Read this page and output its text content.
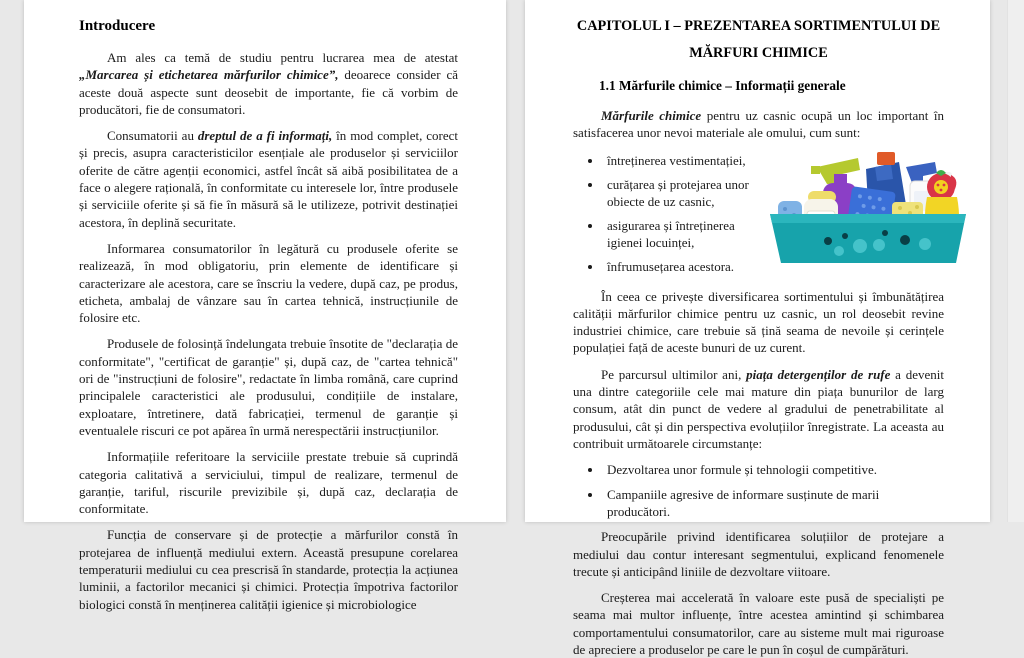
Introducere

Am ales ca temă de studiu pentru lucrarea mea de atestat „Marcarea și etichetarea mărfurilor chimice”, deoarece consider că aceste două aspecte sunt deosebit de importante, fie că vorbim de producători, fie de consumatori.

Consumatorii au dreptul de a fi informați, în mod complet, corect și precis, asupra caracteristicilor esențiale ale produselor și serviciilor oferite de către agenții economici, astfel încât să aibă posibilitatea de a face o alegere rațională, în conformitate cu interesele lor, între produsele și serviciile oferite și să fie în măsură să le utilizeze, potrivit destinației acestora, în deplină securitate.

Informarea consumatorilor în legătură cu produsele oferite se realizează, în mod obligatoriu, prin elemente de identificare și caracterizare ale acestora, care se înscriu la vedere, după caz, pe produs, eticheta, ambalaj de vânzare sau în cartea tehnică, instrucțiunile de folosire etc.

Produsele de folosință îndelungata trebuie însotite de "declarația de conformitate", "certificat de garanție" și, după caz, de "cartea tehnică" ori de "instrucțiuni de folosire", redactate în limba română, care cuprind principalele caracteristici ale produsului, condițiile de instalare, exploatare, întretinere, dată fabricației, termenul de garanție și eventualele riscuri ce pot apărea în urmă nerespectării instrucțiunilor.

Informațiile referitoare la serviciile prestate trebuie să cuprindă categoria calitativă a serviciului, timpul de realizare, termenul de garanție, tariful, riscurile previzibile și, după caz, declarația de conformitate.

Funcția de conservare și de protecție a mărfurilor constă în protejarea de influență mediului extern. Această presupune corelarea temperaturii mediului cu cea prescrisă în standarde, protecția la acțiunea luminii, a factorilor mecanici și chimici. Protecția împotriva factorilor biologici constă în menținerea calității igienice și microbiologice

CAPITOLUL I – PREZENTAREA SORTIMENTULUI DE
MĂRFURI CHIMICE
1.1 Mărfurile chimice – Informații generale

Mărfurile chimice pentru uz casnic ocupă un loc important în satisfacerea unor nevoi materiale ale omului, cum sunt:

• întreținerea vestimentației,
• curățarea și protejarea unor obiecte de uz casnic,
• asigurarea și întreținerea igienei locuinței,
• înfrumusețarea acestora.

În ceea ce privește diversificarea sortimentului și îmbunătățirea calității mărfurilor chimice pentru uz casnic, un rol deosebit revine industriei chimice, care trebuie să țină seama de nevoile și cerințele populației față de aceste bunuri de uz curent.

Pe parcursul ultimilor ani, piața detergenților de rufe a devenit una dintre categoriile cele mai mature din piața bunurilor de larg consum, atât din punct de vedere al gradului de penetrabilitate al produsului, cât și din perspectiva evoluțiilor înregistrate. La aceasta au contribuit următoarele circumstanțe:

• Dezvoltarea unor formule și tehnologii competitive.
• Campaniile agresive de informare susținute de marii producători.

Preocupările privind identificarea soluțiilor de protejare a mediului dau contur interesant segmentului, explicand fenomenele trecute și anticipând liniile de dezvoltare viitoare.

Creșterea mai accelerată în valoare este pusă de specialiști pe seama mai multor influențe, între acestea amintind și schimbarea comportamentului consumatorilor, care au sisteme mult mai riguroase de apreciere a produselor pe care le pun în coșul de cumpărături.
